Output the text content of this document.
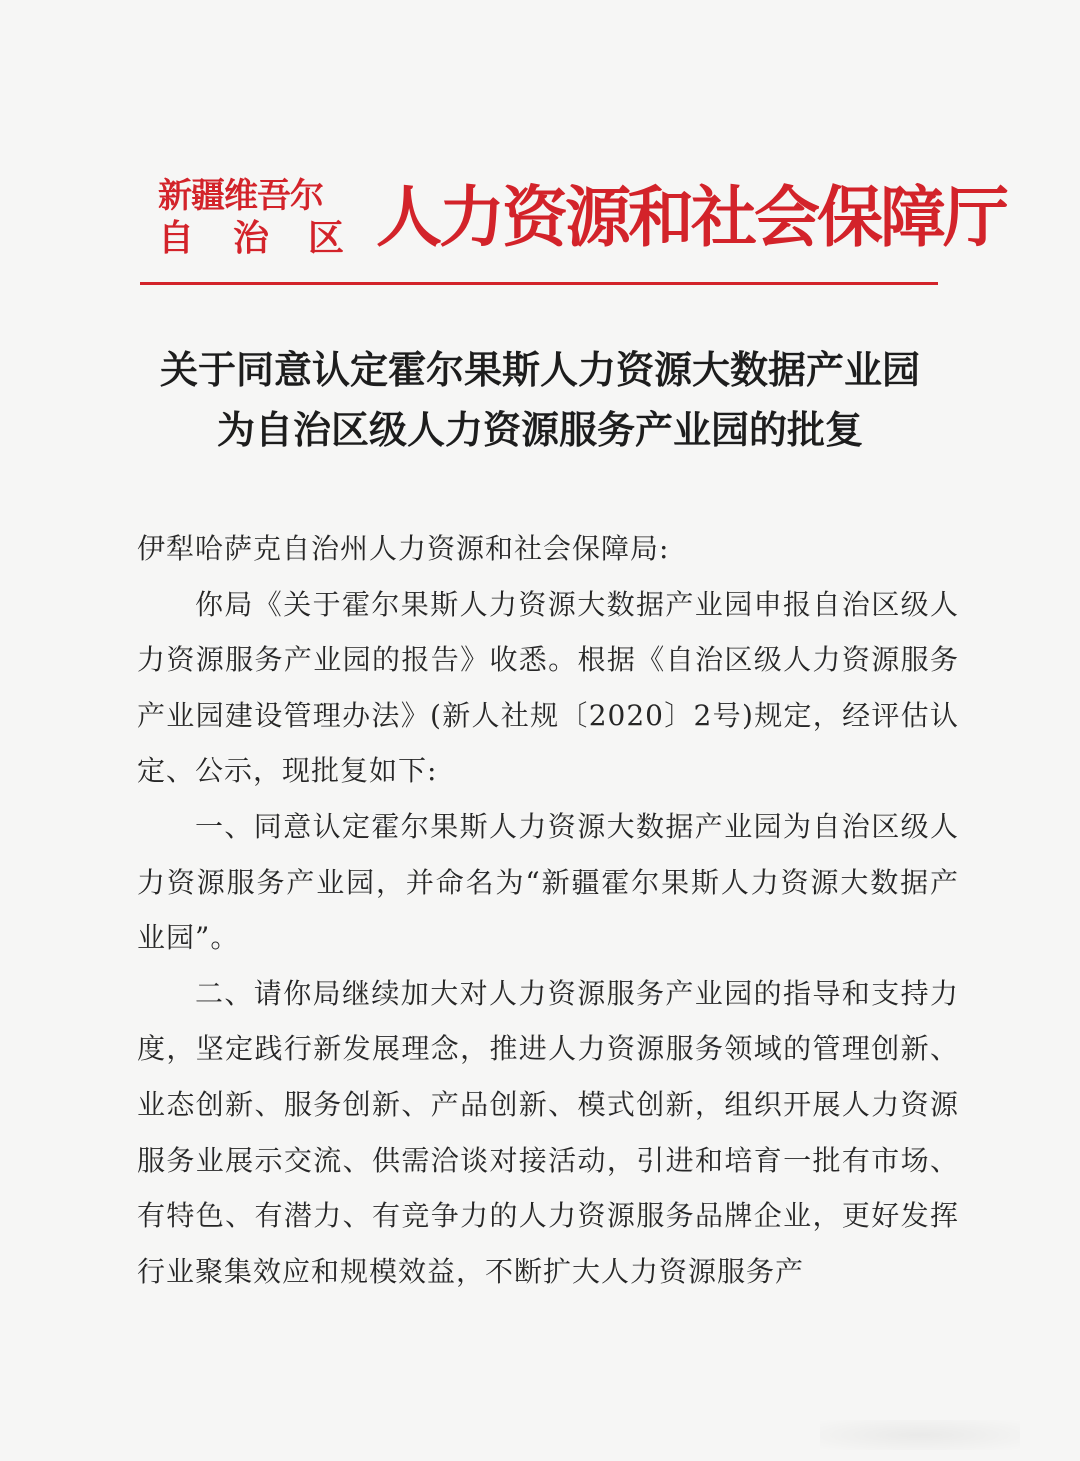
新疆维吾尔
自治区
人力资源和社会保障厅
关于同意认定霍尔果斯人力资源大数据产业园
为自治区级人力资源服务产业园的批复
伊犁哈萨克自治州人力资源和社会保障局:
你局《关于霍尔果斯人力资源大数据产业园申报自治区级人力资源服务产业园的报告》收悉。根据《自治区级人力资源服务产业园建设管理办法》(新人社规〔2020〕2号)规定，经评估认定、公示，现批复如下:
一、同意认定霍尔果斯人力资源大数据产业园为自治区级人力资源服务产业园，并命名为“新疆霍尔果斯人力资源大数据产业园”。
二、请你局继续加大对人力资源服务产业园的指导和支持力度，坚定践行新发展理念，推进人力资源服务领域的管理创新、业态创新、服务创新、产品创新、模式创新，组织开展人力资源服务业展示交流、供需洽谈对接活动，引进和培育一批有市场、有特色、有潜力、有竞争力的人力资源服务品牌企业，更好发挥行业聚集效应和规模效益，不断扩大人力资源服务产
